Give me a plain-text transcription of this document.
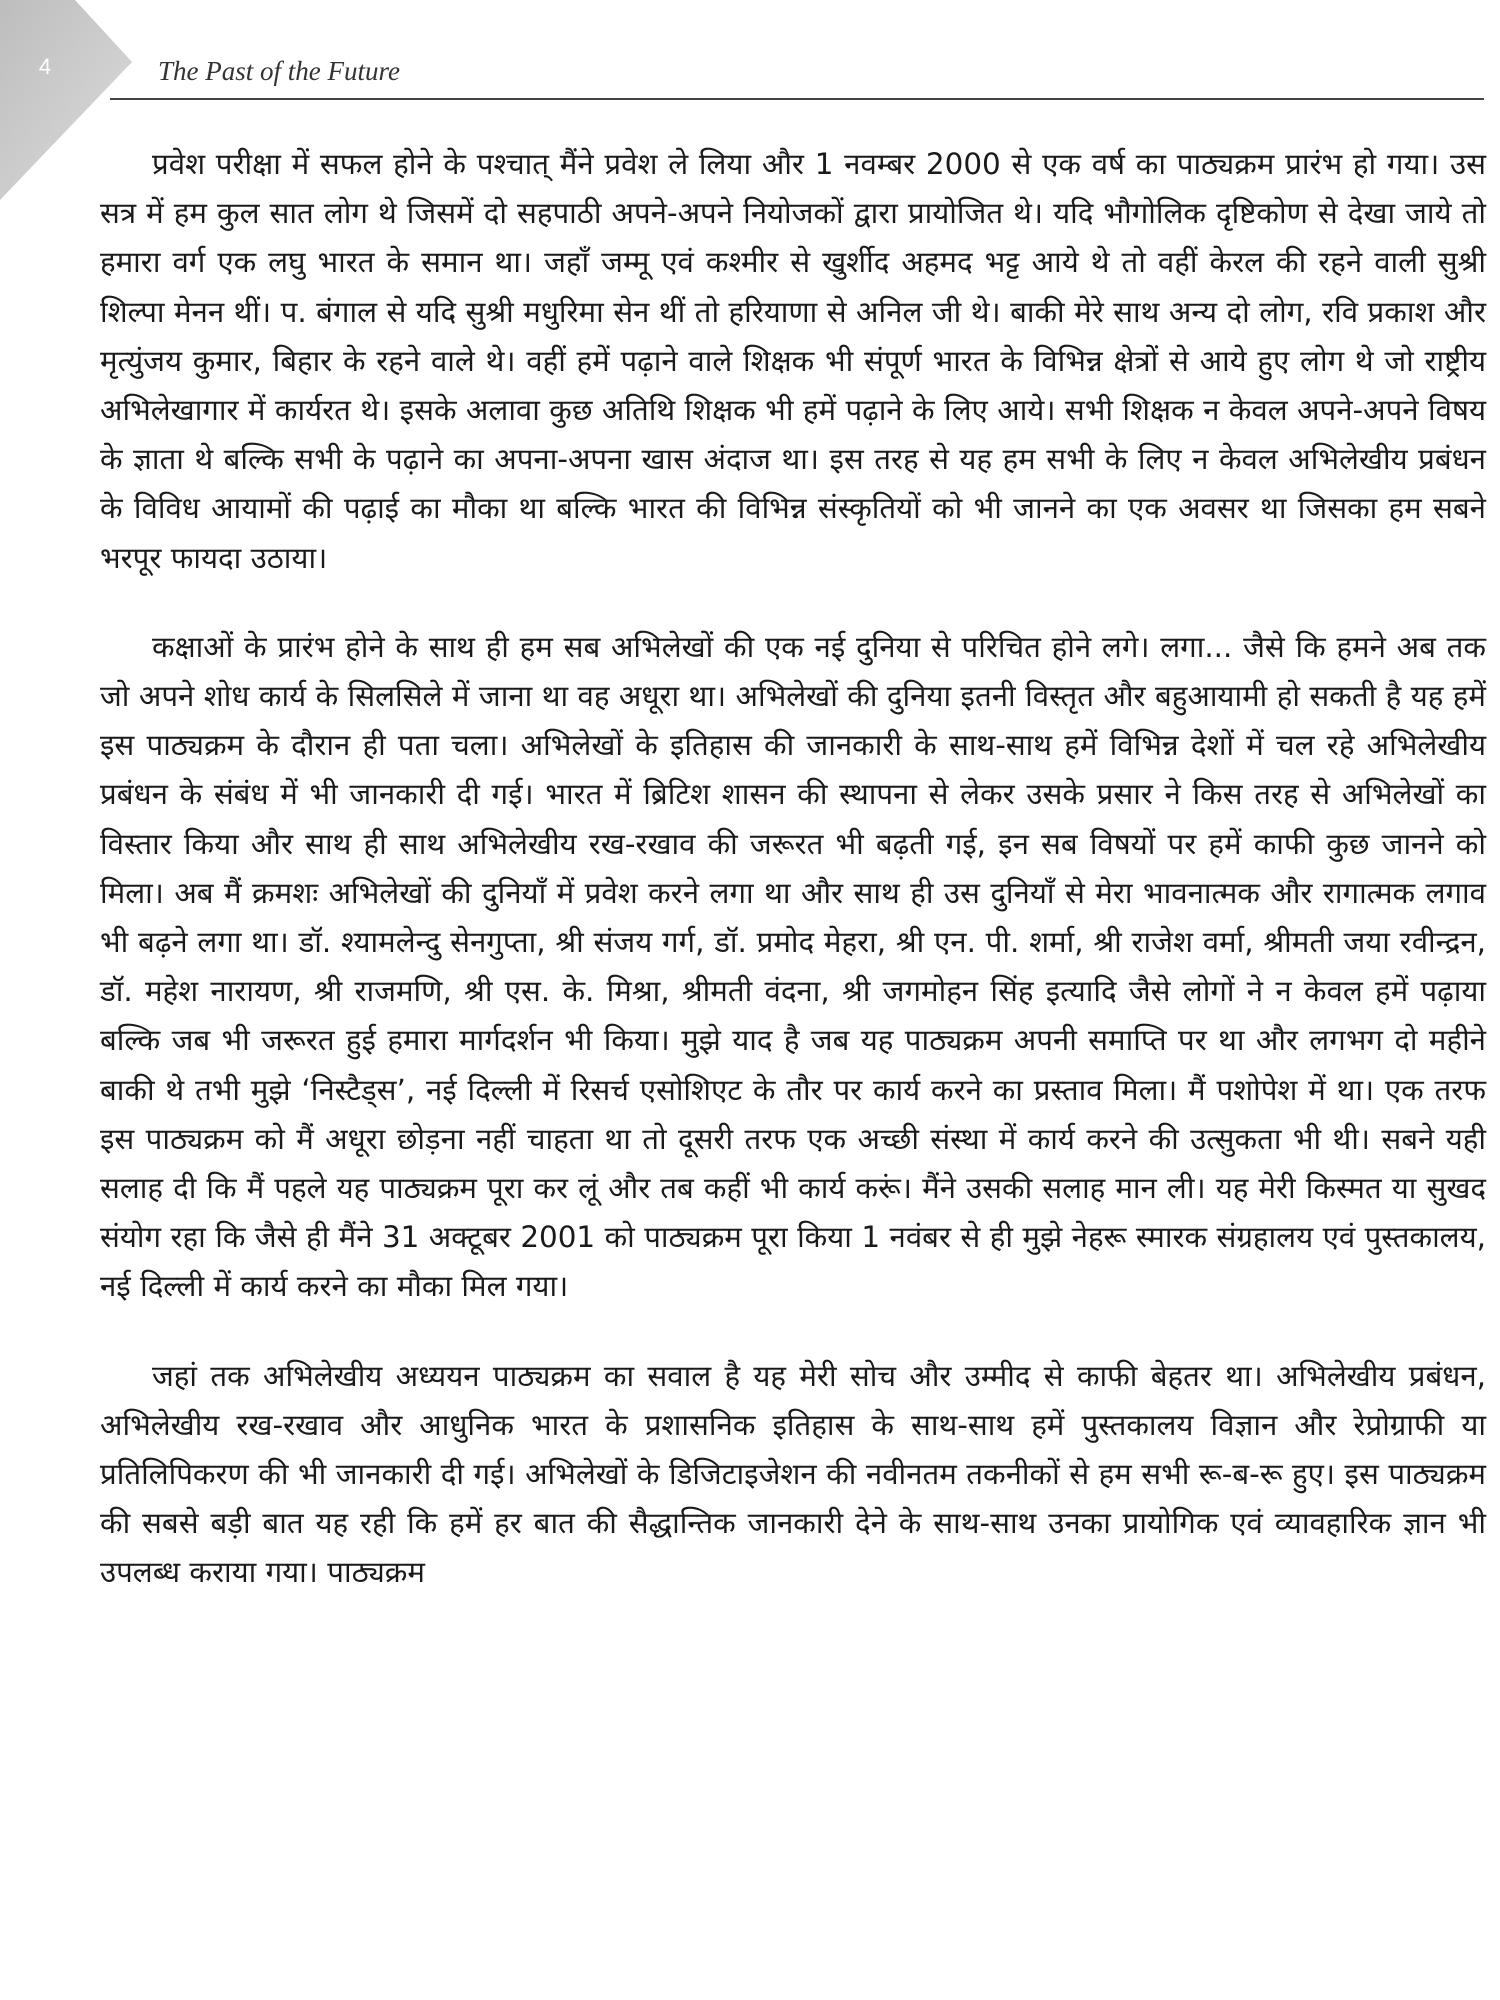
4	The Past of the Future

प्रवेश परीक्षा में सफल होने के पश्चात् मैंने प्रवेश ले लिया और 1 नवम्बर 2000 से एक वर्ष का पाठ्यक्रम प्रारंभ हो गया। उस सत्र में हम कुल सात लोग थे जिसमें दो सहपाठी अपने-अपने नियोजकों द्वारा प्रायोजित थे। यदि भौगोलिक दृष्टिकोण से देखा जाये तो हमारा वर्ग एक लघु भारत के समान था। जहाँ जम्मू एवं कश्मीर से खुर्शीद अहमद भट्ट आये थे तो वहीं केरल की रहने वाली सुश्री शिल्पा मेनन थीं। प. बंगाल से यदि सुश्री मधुरिमा सेन थीं तो हरियाणा से अनिल जी थे। बाकी मेरे साथ अन्य दो लोग, रवि प्रकाश और मृत्युंजय कुमार, बिहार के रहने वाले थे। वहीं हमें पढ़ाने वाले शिक्षक भी संपूर्ण भारत के विभिन्न क्षेत्रों से आये हुए लोग थे जो राष्ट्रीय अभिलेखागार में कार्यरत थे। इसके अलावा कुछ अतिथि शिक्षक भी हमें पढ़ाने के लिए आये। सभी शिक्षक न केवल अपने-अपने विषय के ज्ञाता थे बल्कि सभी के पढ़ाने का अपना-अपना खास अंदाज था। इस तरह से यह हम सभी के लिए न केवल अभिलेखीय प्रबंधन के विविध आयामों की पढ़ाई का मौका था बल्कि भारत की विभिन्न संस्कृतियों को भी जानने का एक अवसर था जिसका हम सबने भरपूर फायदा उठाया।

कक्षाओं के प्रारंभ होने के साथ ही हम सब अभिलेखों की एक नई दुनिया से परिचित होने लगे। लगा... जैसे कि हमने अब तक जो अपने शोध कार्य के सिलसिले में जाना था वह अधूरा था। अभिलेखों की दुनिया इतनी विस्तृत और बहुआयामी हो सकती है यह हमें इस पाठ्यक्रम के दौरान ही पता चला। अभिलेखों के इतिहास की जानकारी के साथ-साथ हमें विभिन्न देशों में चल रहे अभिलेखीय प्रबंधन के संबंध में भी जानकारी दी गई। भारत में ब्रिटिश शासन की स्थापना से लेकर उसके प्रसार ने किस तरह से अभिलेखों का विस्तार किया और साथ ही साथ अभिलेखीय रख-रखाव की जरूरत भी बढ़ती गई, इन सब विषयों पर हमें काफी कुछ जानने को मिला। अब मैं क्रमशः अभिलेखों की दुनियाँ में प्रवेश करने लगा था और साथ ही उस दुनियाँ से मेरा भावनात्मक और रागात्मक लगाव भी बढ़ने लगा था। डॉ. श्यामलेन्दु सेनगुप्ता, श्री संजय गर्ग, डॉ. प्रमोद मेहरा, श्री एन. पी. शर्मा, श्री राजेश वर्मा, श्रीमती जया रवीन्द्रन, डॉ. महेश नारायण, श्री राजमणि, श्री एस. के. मिश्रा, श्रीमती वंदना, श्री जगमोहन सिंह इत्यादि जैसे लोगों ने न केवल हमें पढ़ाया बल्कि जब भी जरूरत हुई हमारा मार्गदर्शन भी किया। मुझे याद है जब यह पाठ्यक्रम अपनी समाप्ति पर था और लगभग दो महीने बाकी थे तभी मुझे ‘निस्टैड्स’, नई दिल्ली में रिसर्च एसोशिएट के तौर पर कार्य करने का प्रस्ताव मिला। मैं पशोपेश में था। एक तरफ इस पाठ्यक्रम को मैं अधूरा छोड़ना नहीं चाहता था तो दूसरी तरफ एक अच्छी संस्था में कार्य करने की उत्सुकता भी थी। सबने यही सलाह दी कि मैं पहले यह पाठ्यक्रम पूरा कर लूं और तब कहीं भी कार्य करूं। मैंने उसकी सलाह मान ली। यह मेरी किस्मत या सुखद संयोग रहा कि जैसे ही मैंने 31 अक्टूबर 2001 को पाठ्यक्रम पूरा किया 1 नवंबर से ही मुझे नेहरू स्मारक संग्रहालय एवं पुस्तकालय, नई दिल्ली में कार्य करने का मौका मिल गया।

जहां तक अभिलेखीय अध्ययन पाठ्यक्रम का सवाल है यह मेरी सोच और उम्मीद से काफी बेहतर था। अभिलेखीय प्रबंधन, अभिलेखीय रख-रखाव और आधुनिक भारत के प्रशासनिक इतिहास के साथ-साथ हमें पुस्तकालय विज्ञान और रेप्रोग्राफी या प्रतिलिपिकरण की भी जानकारी दी गई। अभिलेखों के डिजिटाइजेशन की नवीनतम तकनीकों से हम सभी रू-ब-रू हुए। इस पाठ्यक्रम की सबसे बड़ी बात यह रही कि हमें हर बात की सैद्धान्तिक जानकारी देने के साथ-साथ उनका प्रायोगिक एवं व्यावहारिक ज्ञान भी उपलब्ध कराया गया। पाठ्यक्रम
